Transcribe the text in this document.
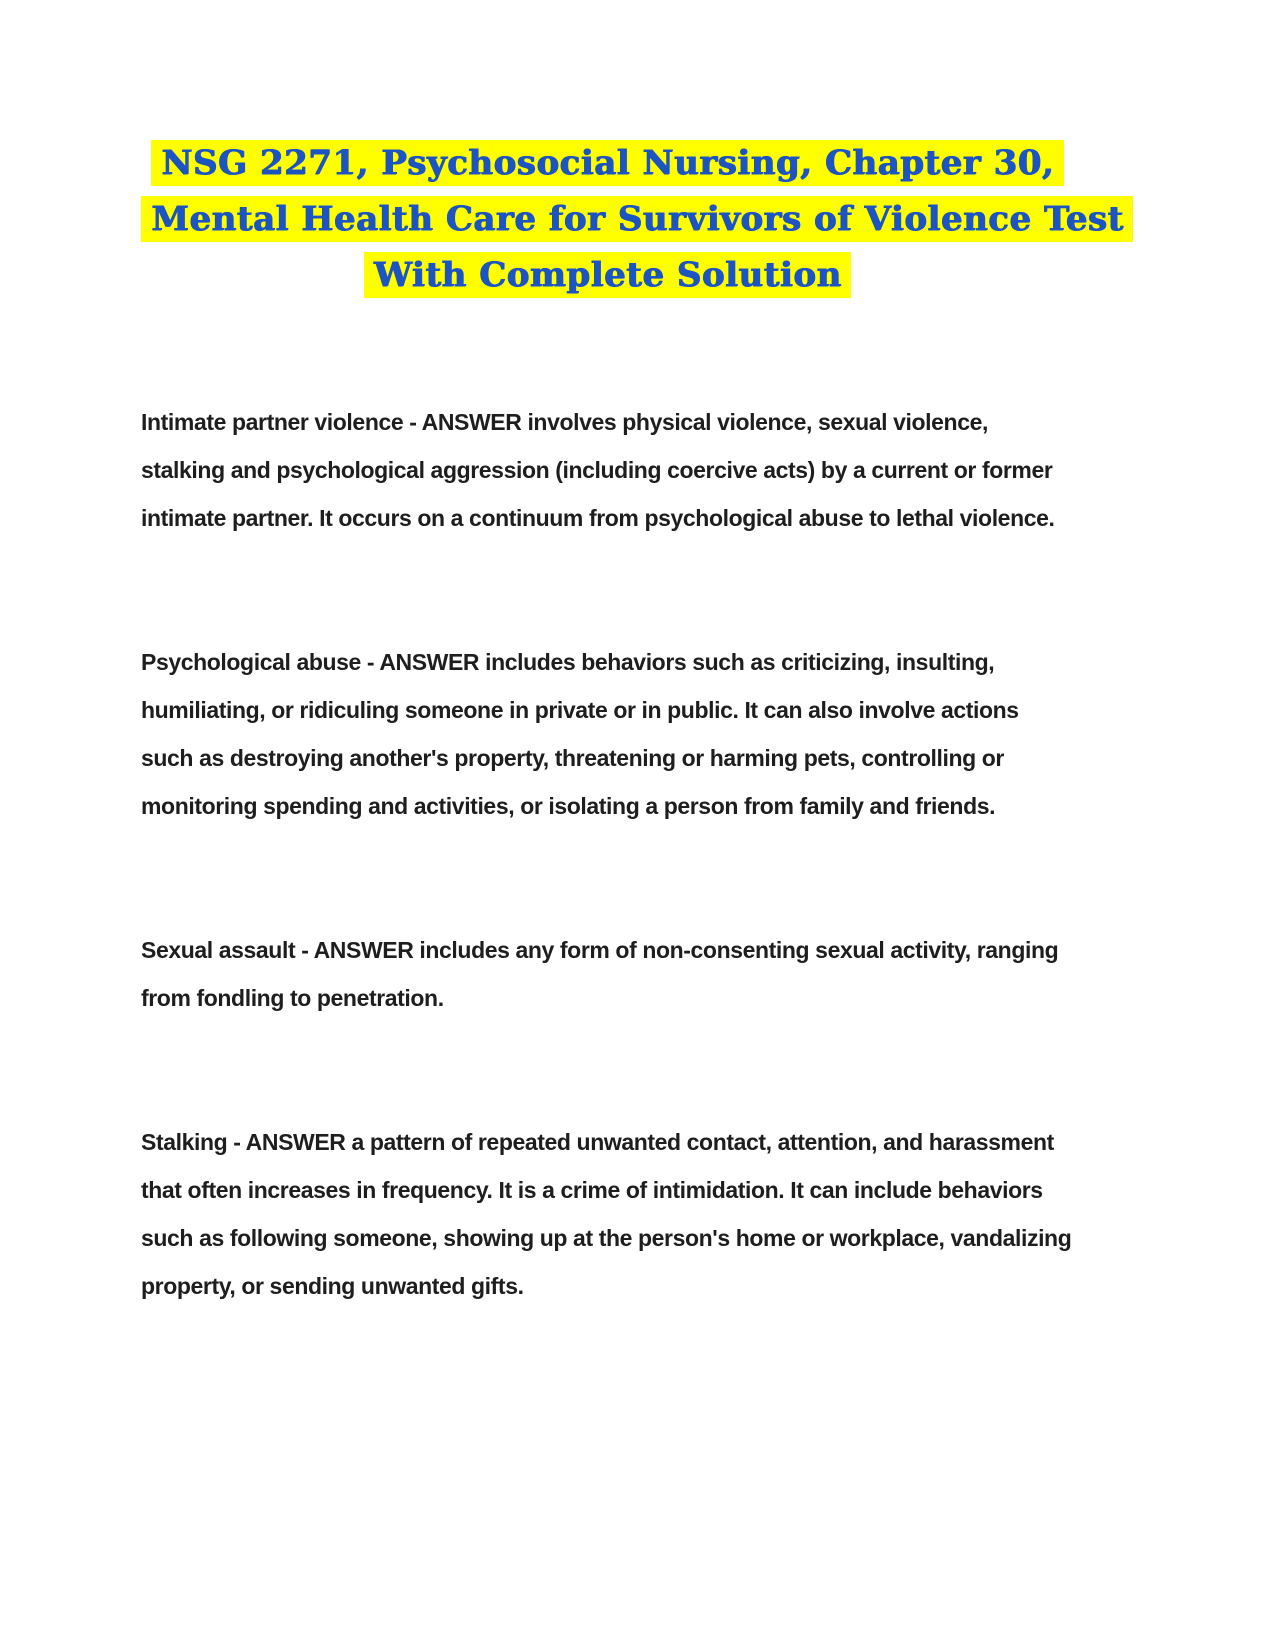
NSG 2271, Psychosocial Nursing, Chapter 30,
Mental Health Care for Survivors of Violence Test
With Complete Solution

Intimate partner violence - ANSWER involves physical violence, sexual violence, stalking and psychological aggression (including coercive acts) by a current or former intimate partner. It occurs on a continuum from psychological abuse to lethal violence.

Psychological abuse - ANSWER includes behaviors such as criticizing, insulting, humiliating, or ridiculing someone in private or in public. It can also involve actions such as destroying another's property, threatening or harming pets, controlling or monitoring spending and activities, or isolating a person from family and friends.

Sexual assault - ANSWER includes any form of non-consenting sexual activity, ranging from fondling to penetration.

Stalking - ANSWER a pattern of repeated unwanted contact, attention, and harassment that often increases in frequency. It is a crime of intimidation. It can include behaviors such as following someone, showing up at the person's home or workplace, vandalizing property, or sending unwanted gifts.
